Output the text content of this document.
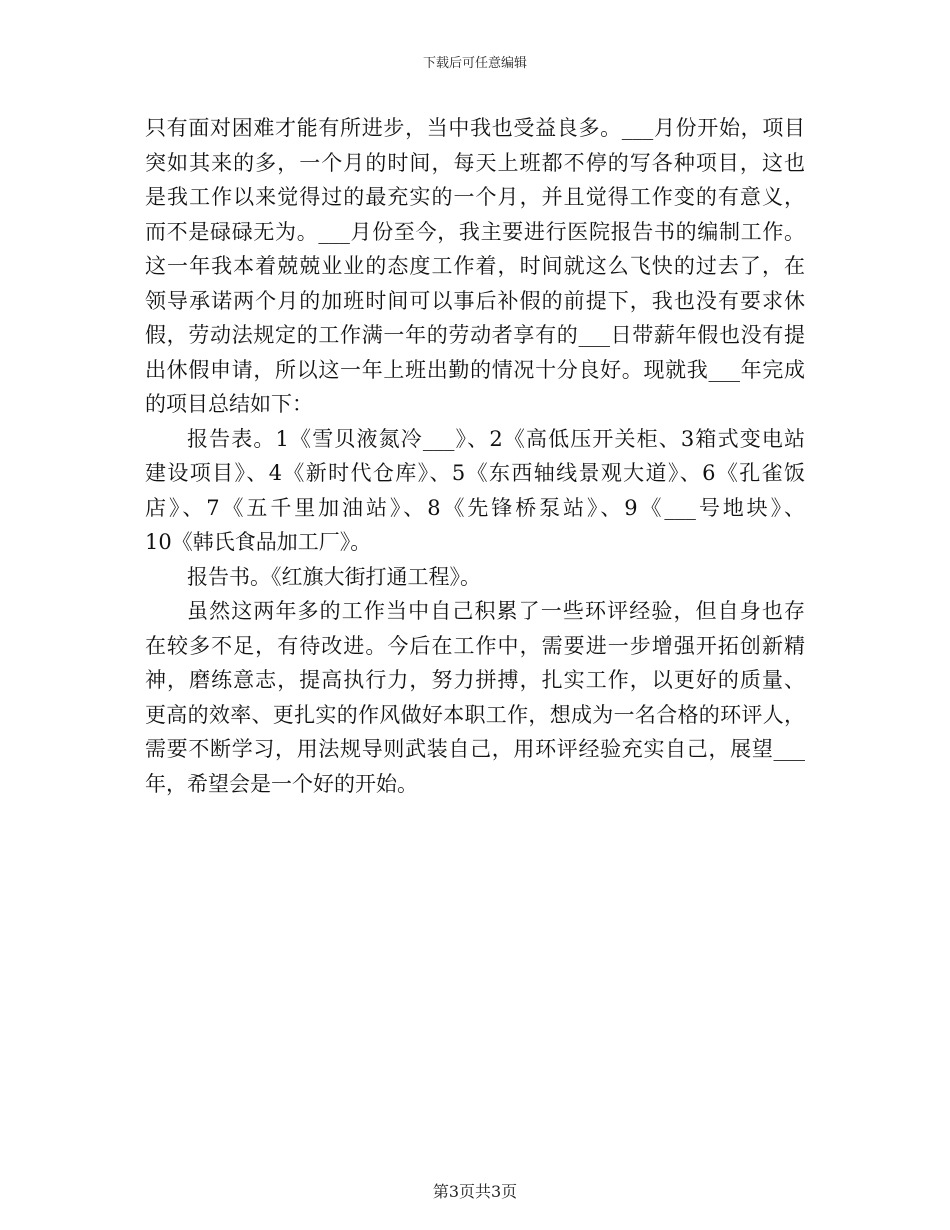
下载后可任意编辑
只有面对困难才能有所进步，当中我也受益良多。___月份开始，项目
突如其来的多，一个月的时间，每天上班都不停的写各种项目，这也
是我工作以来觉得过的最充实的一个月，并且觉得工作变的有意义，
而不是碌碌无为。___月份至今，我主要进行医院报告书的编制工作。
这一年我本着兢兢业业的态度工作着，时间就这么飞快的过去了，在
领导承诺两个月的加班时间可以事后补假的前提下，我也没有要求休
假，劳动法规定的工作满一年的劳动者享有的___日带薪年假也没有提
出休假申请，所以这一年上班出勤的情况十分良好。现就我___年完成
的项目总结如下：
报告表。1《雪贝液氮冷___》、2《高低压开关柜、3箱式变电站
建设项目》、4《新时代仓库》、5《东西轴线景观大道》、6《孔雀饭
店》、7《五千里加油站》、8《先锋桥泵站》、9《___号地块》、
10《韩氏食品加工厂》。
报告书。《红旗大街打通工程》。
虽然这两年多的工作当中自己积累了一些环评经验，但自身也存
在较多不足，有待改进。今后在工作中，需要进一步增强开拓创新精
神，磨练意志，提高执行力，努力拼搏，扎实工作，以更好的质量、
更高的效率、更扎实的作风做好本职工作，想成为一名合格的环评人，
需要不断学习，用法规导则武装自己，用环评经验充实自己，展望___
年，希望会是一个好的开始。
第3页共3页
